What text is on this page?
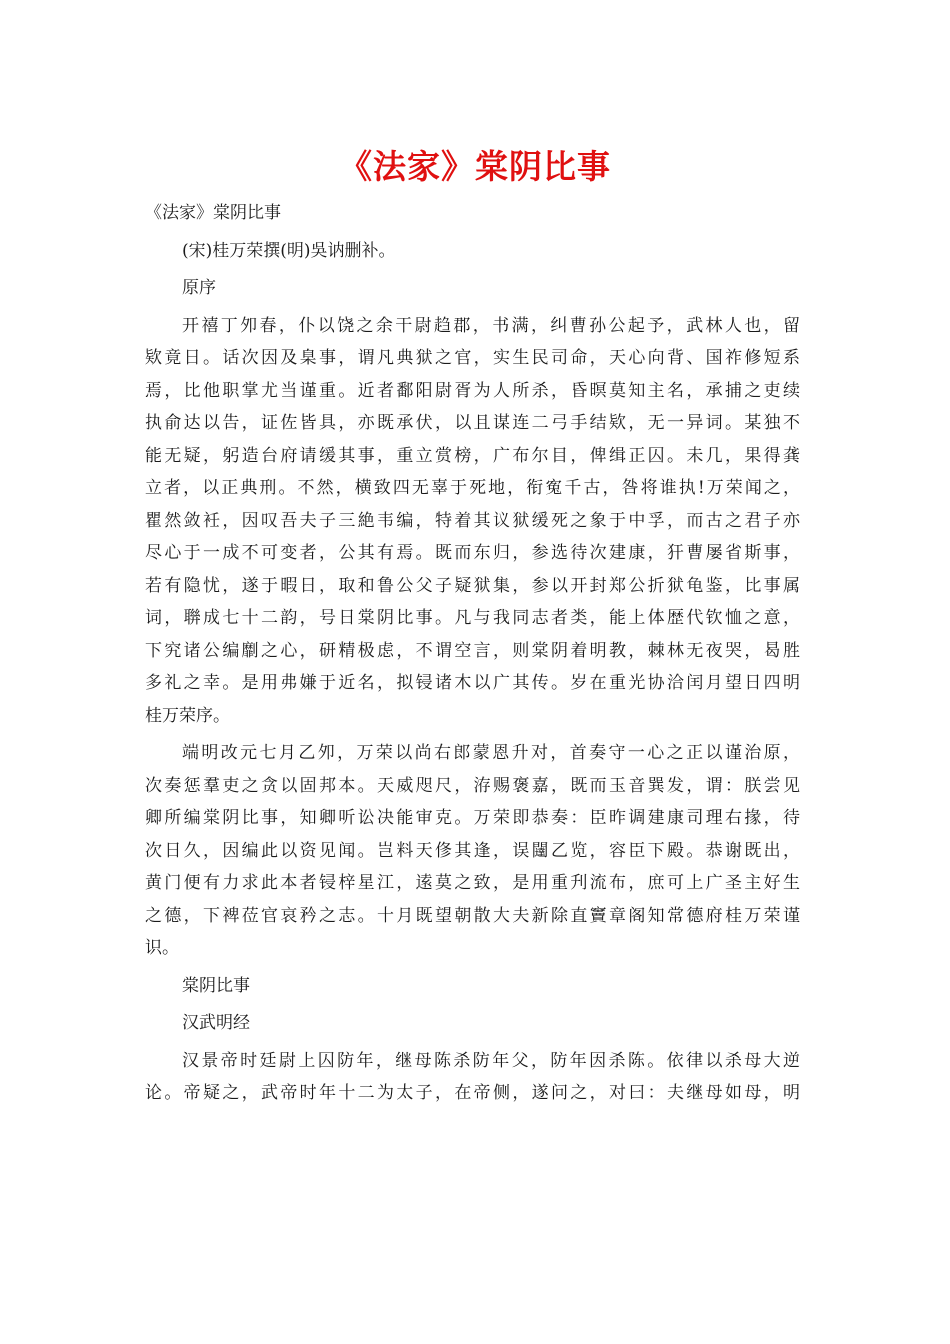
《法家》棠阴比事
《法家》棠阴比事
(宋)桂万荣撰(明)吳讷删补。
原序
开禧丁夘春，仆以饶之余干尉趋郡，书满，纠曹孙公起予，武林人也，留
欵竟日。话次因及臬事，谓凡典狱之官，实生民司命，天心向背、国祚修短系
焉，比他职掌尤当谨重。近者鄱阳尉胥为人所杀，昏暝莫知主名，承捕之吏续
执俞达以告，证佐皆具，亦既承伏，以且谋连二弓手结欵，无一异词。某独不
能无疑，躬造台府请缓其事，重立赏榜，广布尔目，俾缉正囚。未几，果得龚
立者，以正典刑。不然，横致四无辜于死地，衔寃千古，咎将谁执!万荣闻之，
瞿然敛衽，因叹吾夫子三絶韦编，特着其议狱缓死之象于中孚，而古之君子亦
尽心于一成不可变者，公其有焉。既而东归，参选待次建康，犴曹屡省斯事，
若有隐忧，遂于暇日，取和鲁公父子疑狱集，参以开封郑公折狱龟鉴，比事属
词，聨成七十二韵，号日棠阴比事。凡与我同志者类，能上体歴代钦恤之意，
下究诸公编劘之心，研精极虑，不谓空言，则棠阴着明教，棘林无夜哭，曷胜
多礼之幸。是用弗嫌于近名，拟锓诸木以广其传。岁在重光协洽闰月望日四明
桂万荣序。
端明改元七月乙夘，万荣以尚右郎蒙恩升对，首奏守一心之正以谨治原，
次奏惩羣吏之贪以固邦本。天威咫尺，洊赐褒嘉，既而玉音巽发，谓：朕尝见
卿所编棠阴比事，知卿听讼决能审克。万荣即恭奏：臣昨调建康司理右掾，待
次日久，因编此以资见闻。岂料天俢其逢，误闥乙览，容臣下殿。恭谢既出，
黄门便有力求此本者锓梓星江，逺莫之致，是用重刋流布，庶可上广圣主好生
之德，下裨莅官哀矜之志。十月既望朝散大夫新除直竇章阁知常德府桂万荣谨
识。
棠阴比事
汉武明经
汉景帝时廷尉上囚防年，继母陈杀防年父，防年因杀陈。依律以杀母大逆
论。帝疑之，武帝时年十二为太子，在帝侧，遂问之，对曰：夫继母如母，明
